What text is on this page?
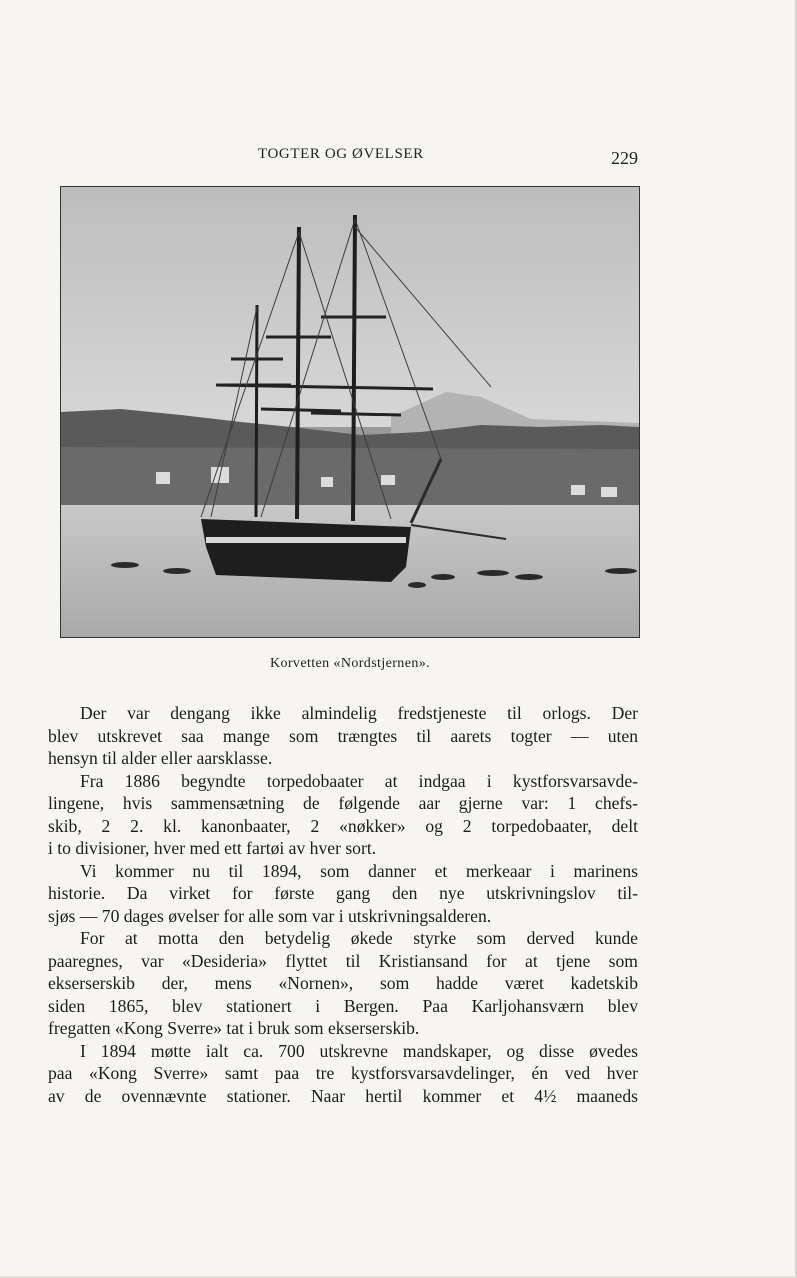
TOGTER OG ØVELSER	229
Korvetten «Nordstjernen».

Der var dengang ikke almindelig fredstjeneste til orlogs. Der
blev utskrevet saa mange som trængtes til aarets togter — uten
hensyn til alder eller aarsklasse.

Fra 1886 begyndte torpedobaater at indgaa i kystforsvarsavde-
lingene, hvis sammensætning de følgende aar gjerne var: 1 chefs-
skib, 2 2. kl. kanonbaater, 2 «nøkker» og 2 torpedobaater, delt
i to divisioner, hver med ett fartøi av hver sort.

Vi kommer nu til 1894, som danner et merkeaar i marinens
historie. Da virket for første gang den nye utskrivningslov til-
sjøs — 70 dages øvelser for alle som var i utskrivningsalderen.

For at motta den betydelig økede styrke som derved kunde
paaregnes, var «Desideria» flyttet til Kristiansand for at tjene som
ekserserskib der, mens «Nornen», som hadde været kadetskib
siden 1865, blev stationert i Bergen. Paa Karljohansværn blev
fregatten «Kong Sverre» tat i bruk som ekserserskib.

I 1894 møtte ialt ca. 700 utskrevne mandskaper, og disse øvedes
paa «Kong Sverre» samt paa tre kystforsvarsavdelinger, én ved hver
av de ovennævnte stationer. Naar hertil kommer et 4½ maaneds
